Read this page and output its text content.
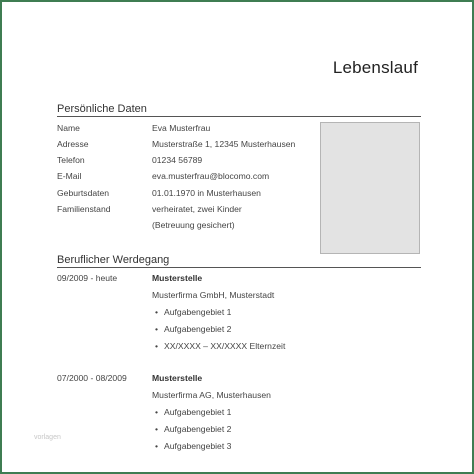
Lebenslauf
Persönliche Daten
Name	Eva Musterfrau
Adresse	Musterstraße 1, 12345 Musterhausen
Telefon	01234 56789
E-Mail	eva.musterfrau@blocomo.com
Geburtsdaten	01.01.1970 in Musterhausen
Familienstand	verheiratet, zwei Kinder
(Betreuung gesichert)
Beruflicher Werdegang
09/2009 - heute	Musterstelle
Musterfirma GmbH, Musterstadt
• Aufgabengebiet 1
• Aufgabengebiet 2
• XX/XXXX – XX/XXXX Elternzeit
07/2000 - 08/2009	Musterstelle
Musterfirma AG, Musterhausen
• Aufgabengebiet 1
• Aufgabengebiet 2
• Aufgabengebiet 3
vorlagen
